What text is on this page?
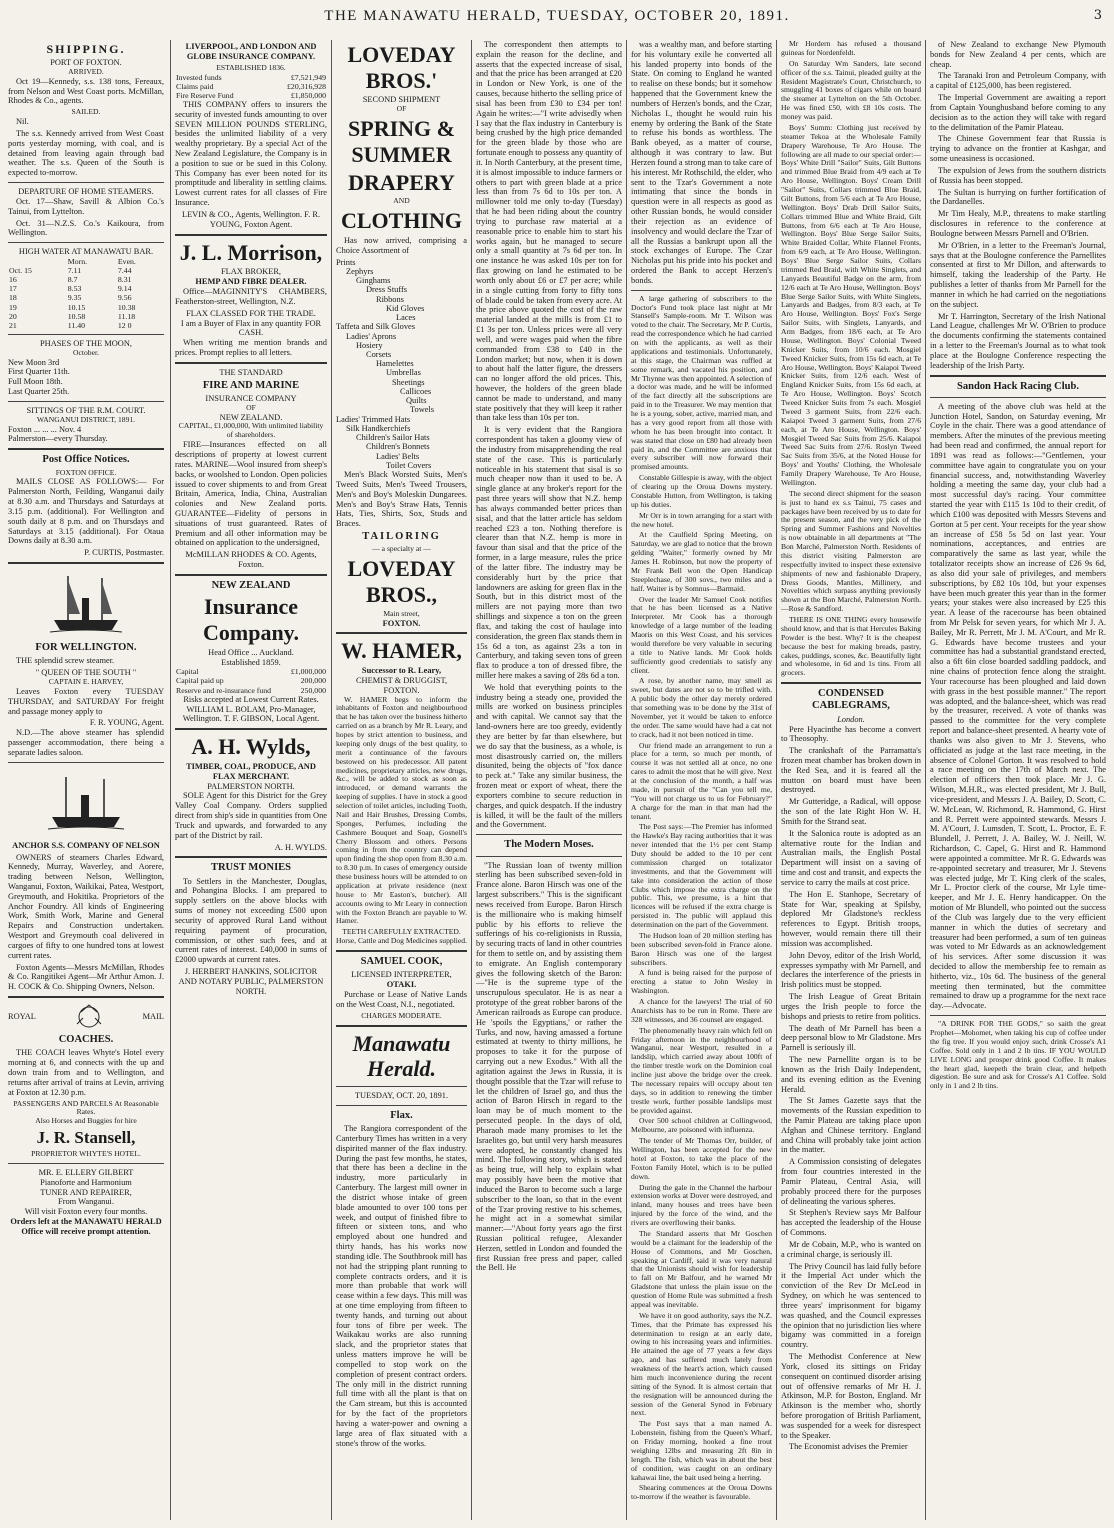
THE MANAWATU HERALD, TUESDAY, OCTOBER 20, 1891.	3
SHIPPING.
PORT OF FOXTON.
ARRIVED.

Oct 19—Kennedy, s.s. 138 tons, Fereaux, from Nelson and West Coast ports. McMillan, Rhodes & Co., agents.

SAILED.

Nil.

The s.s. Kennedy arrived from West Coast ports yesterday morning, with coal, and is detained from leaving again through bad weather. The s.s. Queen of the South is expected to-morrow.

DEPARTURE OF HOME STEAMERS.

Oct. 17—Shaw, Savill & Albion Co.'s Tainui, from Lyttelton.

Oct. 31—N.Z.S. Co.'s Kaikoura, from Wellington.

HIGH WATER AT MANAWATU BAR.
	Morn.	Even.
Oct. 15	7.11	7.44
16	8.7	8.31
17	8.53	9.14
18	9.35	9.56
19	10.15	10.38
20	10.58	11.18
21	11.40	12 0
PHASES OF THE MOON,
October.
New Moon 3rd
First Quarter 11th.
Full Moon 18th.
Last Quarter 25th.
SITTINGS OF THE R.M. COURT.
WANGANUI DISTRICT, 1891.
Foxton ... ... ... Nov. 4
Palmerston—every Thursday.
Post Office Notices.
FOXTON OFFICE.

MAILS CLOSE AS FOLLOWS:— For Palmerston North, Feilding, Wanganui daily at 8.30 a.m. and Thursdays and Saturdays at 3.15 p.m. (additional). For Wellington and south daily at 8 p.m. and on Thursdays and Saturdays at 3.15 (additional). For Otaua Downs daily at 8.30 a.m.

P. CURTIS, Postmaster.
FOR WELLINGTON.

THE splendid screw steamer.

" QUEEN OF THE SOUTH "
CAPTAIN E. HARVEY,

Leaves Foxton every TUESDAY THURSDAY, and SATURDAY For freight and passage money apply to

F. R. YOUNG, Agent.

N.D.—The above steamer has splendid passenger accommodation, there being a separate ladies saloon.

ANCHOR S.S. COMPANY OF NELSON

OWNERS of steamers Charles Edward, Kennedy, Murray, Waverley, and Aorere, trading between Nelson, Wellington, Wanganui, Foxton, Waikikai, Patea, Westport, Greymouth, and Hokitika. Proprietors of the Anchor Foundry. All kinds of Engineering Work, Smith Work, Marine and General Repairs and Construction undertaken. Westport and Greymouth coal delivered in cargoes of fifty to one hundred tons at lowest current rates.

Foxton Agents—Messrs McMillan, Rhodes & Co. Rangitikei Agent—Mr Arthur Amon. J. H. COCK & Co. Shipping Owners, Nelson.

ROYAL	MAIL
COACHES.

THE COACH leaves Whyte's Hotel every morning at 6, and connects with the up and down train from and to Wellington, and returns after arrival of trains at Levin, arriving at Foxton at 12.30 p.m.

PASSENGERS AND PARCELS At Reasonable Rates.
Also Horses and Buggies for hire
J. R. Stansell,
PROPRIETOR WHYTE'S HOTEL.
MR. E. ELLERY GILBERT
Pianoforte and Harmonium
TUNER AND REPAIRER,
From Wanganui.
Will visit Foxton every four months.
Orders left at the MANAWATU HERALD Office will receive prompt attention.
LIVERPOOL, AND LONDON AND GLOBE INSURANCE COMPANY.
ESTABLISHED 1836.
Invested funds	£7,521,949
Claims paid	£20,316,928
Fire Reserve Fund	£1,850,000

THIS COMPANY offers to insurers the security of invested funds amounting to over SEVEN MILLION POUNDS STERLING, besides the unlimited liability of a very wealthy proprietary. By a special Act of the New Zealand Legislature, the Company is in a position to sue or be sued in this Colony. This Company has ever been noted for its promptitude and liberality in settling claims. Lowest current rates for all classes of Fire Insurance.

LEVIN & CO., Agents, Wellington. F. R. YOUNG, Foxton Agent.
J. L. Morrison,
FLAX BROKER,
HEMP AND FIBRE DEALER.

Office—MAGINNITY'S CHAMBERS, Featherston-street, Wellington, N.Z.

FLAX CLASSED FOR THE TRADE.
I am a Buyer of Flax in any quantity FOR CASH.

When writing me mention brands and prices. Prompt replies to all letters.

THE STANDARD
FIRE AND MARINE
INSURANCE COMPANY
OF
NEW ZEALAND.
CAPITAL, £1,000,000, With unlimited liability of shareholders.

FIRE—Insurances effected on all descriptions of property at lowest current rates. MARINE—Wool insured from sheep's backs, or woolshed to London. Open policies issued to cover shipments to and from Great Britain, America, India, China, Australian colonies and New Zealand ports. GUARANTEE—Fidelity of persons in situations of trust guaranteed. Rates of Premium and all other information may be obtained on application to the undersigned,

McMILLAN RHODES & CO. Agents, Foxton.
NEW ZEALAND
Insurance Company.
Head Office ... Auckland.
Established 1859.
Capital	£1,000,000
Capital paid up	200,000
Reserve and re-insurance fund	250,000
Risks accepted at Lowest Current Rates.
WILLIAM L. BOLAM, Pro-Manager, Wellington. T. F. GIBSON, Local Agent.
A. H. Wylds,
TIMBER, COAL, PRODUCE, AND FLAX MERCHANT.
PALMERSTON NORTH.

SOLE Agent for this District for the Grey Valley Coal Company. Orders supplied direct from ship's side in quantities from One Truck and upwards, and forwarded to any part of the District by rail.

A. H. WYLDS.
TRUST MONIES

To Settlers in the Manchester, Douglas, and Pohangina Blocks. I am prepared to supply settlers on the above blocks with sums of money not exceeding £500 upon security of approved Rural Land without requiring payment of procuration, commission, or other such fees, and at current rates of interest. £40,000 in sums of £2000 upwards at current rates.

J. HERBERT HANKINS, SOLICITOR AND NOTARY PUBLIC, PALMERSTON NORTH.
LOVEDAY BROS.'
SECOND SHIPMENT
OF
SPRING & SUMMER
DRAPERY
AND
CLOTHING

Has now arrived, comprising a Choice Assortment of

Prints
Zephyrs
Ginghams
Dress Stuffs
Ribbons
Kid Gloves
Laces
Taffeta and Silk Gloves
Ladies' Aprons
Hosiery
Corsets
Hamelettes
Umbrellas
Sheetings
Callicoes
Quilts
Towels
Ladies' Trimmed Hats
Silk Handkerchiefs
Children's Sailor Hats
Children's Bonnets
Ladies' Belts
Toilet Covers

Men's Black Worsted Suits, Men's Tweed Suits, Men's Tweed Trousers, Men's and Boy's Moleskin Dungarees. Men's and Boy's Straw Hats, Tennis Hats, Ties, Shirts, Sox, Studs and Braces.

TAILORING
— a specialty at —
LOVEDAY BROS.,
Main street,
FOXTON.
W. HAMER,
Successor to R. Leary,
CHEMIST & DRUGGIST,
FOXTON.

W. HAMER begs to inform the inhabitants of Foxton and neighbourhood that he has taken over the business hitherto carried on as a branch by Mr R. Leary, and hopes by strict attention to business, and keeping only drugs of the best quality, to merit a continuance of the favours bestowed on his predecessor. All patent medicines, proprietary articles, new drugs, &c., will be added to stock as soon as introduced, or demand warrants the keeping of supplies. I have in stock a good selection of toilet articles, including Tooth, Nail and Hair Brushes, Dressing Combs, Sponges, Perfumes, including the Cashmere Bouquet and Soap, Gosnell's Cherry Blossom and others. Persons coming in from the country can depend upon finding the shop open from 8.30 a.m. to 8.30 p.m. In cases of emergency outside these business hours will be attended to on application at private residence (next house to Mr Easton's, butcher). All accounts owing to Mr Leary in connection with the Foxton Branch are payable to W. Hamer.

TEETH CAREFULLY EXTRACTED.
Horse, Cattle and Dog Medicines supplied.
SAMUEL COOK,
LICENSED INTERPRETER,
OTAKI.

Purchase or Lease of Native Lands on the West Coast, N.I., negotiated.

CHARGES MODERATE.
Manawatu Herald.
TUESDAY, OCT. 20, 1891.
Flax.

The Rangiora correspondent of the Canterbury Times has written in a very dispirited manner of the flax industry. During the past few months, he states, that there has been a decline in the industry, more particularly in Canterbury. The largest mill owner in the district whose intake of green blade amounted to over 100 tons per week, and output of finished fibre to fifteen or sixteen tons, and who employed about one hundred and thirty hands, has his works now standing idle. The Southbrook mill has not had the stripping plant running to complete contracts orders, and it is more than probable that work will cease within a few days. This mill was at one time employing from fifteen to twenty hands, and turning out about four tons of fibre per week. The Waikakau works are also running slack, and the proprietor states that unless matters improve he will be compelled to stop work on the completion of present contract orders. The only mill in the district running full time with all the plant is that on the Cam stream, but this is accounted for by the fact of the proprietors having a water-power and owning a large area of flax situated with a stone's throw of the works.

The correspondent then attempts to explain the reason for the decline, and asserts that the expected increase of sisal, and that the price has been arranged at £20 in London or New York, is one of the causes, because hitherto the selling price of sisal has been from £30 to £34 per ton! Again he writes:—"I write advisedly when I say that the flax industry in Canterbury is being crushed by the high price demanded for the green blade by those who are fortunate enough to possess any quantity of it. In North Canterbury, at the present time, it is almost impossible to induce farmers or others to part with green blade at a price less than from 7s 6d to 10s per ton. A millowner told me only to-day (Tuesday) that he had been riding about the country trying to purchase raw material at a reasonable price to enable him to start his works again, but he managed to secure only a small quantity at 7s 6d per ton. In one instance he was asked 10s per ton for flax growing on land he estimated to be worth only about £6 or £7 per acre; while in a single cutting from forty to fifty tons of blade could be taken from every acre. At the price above quoted the cost of the raw material landed at the mills is from £1 to £1 3s per ton. Unless prices were all very well, and were wages paid when the fibre commanded from £38 to £40 in the London market; but now, when it is down to about half the latter figure, the dressers can no longer afford the old prices. This, however, the holders of the green blade cannot be made to understand, and many state positively that they will keep it rather than take less than 10s per ton.

It is very evident that the Rangiora correspondent has taken a gloomy view of the industry from misapprehending the real state of the case. This is particularly noticeable in his statement that sisal is so much cheaper now than it used to be. A single glance at any broker's report for the past three years will show that N.Z. hemp has always commanded better prices than sisal, and that the latter article has seldom reached £23 a ton. Nothing therefore is clearer than that N.Z. hemp is more in favour than sisal and that the price of the former, in a large measure, rules the price of the latter fibre. The industry may be considerably hurt by the price that landowners are asking for green flax in the South, but in this district most of the millers are not paying more than two shillings and sixpence a ton on the green flax, and taking the cost of haulage into consideration, the green flax stands them in 15s 6d a ton, as against 23s a ton in Canterbury, and taking seven tons of green flax to produce a ton of dressed fibre, the miller here makes a saving of 28s 6d a ton.

We hold that everything points to the industry being a steady one, provided the mills are worked on business principles and with capital. We cannot say that the land-owners here are too greedy, evidently they are better by far than elsewhere, but we do say that the business, as a whole, is most disastrously carried on, the millers disunited, being the objects of "fox dance to peck at." Take any similar business, the frozen meat or export of wheat, there the exporters combine to secure reduction in charges, and quick despatch. If the industry is killed, it will be the fault of the millers and the Government.

The Modern Moses.

"The Russian loan of twenty million sterling has been subscribed seven-fold in France alone. Baron Hirsch was one of the largest subscribers." This is the significant news received from Europe. Baron Hirsch is the millionaire who is making himself public by his efforts to relieve the sufferings of his co-religionists in Russia, by securing tracts of land in other countries for them to settle on, and by assisting them to emigrate. An English contemporary gives the following sketch of the Baron:—"He is the supreme type of the unscrupulous speculator. He is as near a prototype of the great robber barons of the American railroads as Europe can produce. He 'spoils the Egyptians,' or rather the Turks, and now, having amassed a fortune estimated at twenty to thirty millions, he proposes to take it for the purpose of carrying out a new Exodus." With all the agitation against the Jews in Russia, it is thought possible that the Tzar will refuse to let the children of Israel go, and thus the action of Baron Hirsch in regard to the loan may be of much moment to the persecuted people. In the days of old, Pharaoh made many promises to let the Israelites go, but until very harsh measures were adopted, he constantly changed his mind. The following story, which is stated as being true, will help to explain what may possibly have been the motive that induced the Baron to become such a large subscriber to the loan, so that in the event of the Tzar proving restive to his schemes, he might act in a somewhat similar manner:—"About forty years ago the first Russian political refugee, Alexander Herzen, settled in London and founded the first Russian free press and paper, called the Bell. He

was a wealthy man, and before starting for his voluntary exile he converted all his landed property into bonds of the State. On coming to England he wanted to realise on these bonds; but it somehow happened that the Government knew the numbers of Herzen's bonds, and the Czar, Nicholas I., thought he would ruin his enemy by ordering the Bank of the State to refuse his bonds as worthless. The Bank obeyed, as a matter of course, although it was contrary to law. But Herzen found a strong man to take care of his interest. Mr Rothschild, the elder, who sent to the Tzar's Government a note intimating that since the bonds in question were in all respects as good as other Russian bonds, he would consider their rejection as an evidence of insolvency and would declare the Tzar of all the Russias a bankrupt upon all the stock exchanges of Europe. The Czar Nicholas put his pride into his pocket and ordered the Bank to accept Herzen's bonds.

A large gathering of subscribers to the Doctor's Fund took place last night at Mr Stansell's Sample-room. Mr T. Wilson was voted to the chair. The Secretary, Mr P. Curtis, read the correspondence which he had carried on with the applicants, as well as their applications and testimonials. Unfortunately, at this stage, the Chairman was ruffled at some remark, and vacated his position, and Mr Thynne was then appointed. A selection of a doctor was made, and he will be informed of the fact directly all the subscriptions are paid in to the Treasurer. We may mention that he is a young, sober, active, married man, and has a very good report from all those with whom he has been brought into contact. It was stated that close on £80 had already been paid in, and the Committee are anxious that every subscriber will now forward their promised amounts.

Constable Gillespie is away, with the object of clearing up the Oroua Downs mystery. Constable Hutton, from Wellington, is taking up his duties.

Mr Orr is in town arranging for a start with the new hotel.

At the Caulfield Spring Meeting, on Saturday, we are glad to notice that the brown gelding "Waiter," formerly owned by Mr James H. Robinson, but now the property of Mr Frank Bell won the Open Handicap Steeplechase, of 300 sovs., two miles and a half. Waiter is by Somnus—Barmaid.

Over the leader Mr Samuel Cook notifies that he has been licensed as a Native Interpreter. Mr Cook has a thorough knowledge of a large number of the leading Maoris on this West Coast, and his services would therefore be very valuable in securing a title to Native lands. Mr Cook holds sufficiently good credentials to satisfy any client.

A rose, by another name, may smell as sweet, but dates are not so to be trifled with. A public body the other day merely ordered that something was to be done by the 31st of November, yet it would be taken to enforce the order. The same would have had a cat not to crack, had it not been noticed in time.

Our friend made an arrangement to run a place for a term, so much per month, of course it was not settled all at once, no one cares to admit the most that he will give. Next at the conclusion of the month, a half was made, in pursuit of the "Can you tell me, "You will not charge us to us for February?" A charge for the man in that man had the tenant.

The Post says:—The Premier has informed the Hawke's Bay racing authorities that it was never intended that the 1½ per cent Stamp Duty should be added to the 10 per cent commission charged on totalizator investments, and that the Government will take into consideration the action of those Clubs which impose the extra charge on the public. This, we presume, is a hint that licences will be refused if the extra charge is persisted in. The public will applaud this determination on the part of the Government.

The Hudson loan of 20 million sterling has been subscribed seven-fold in France alone. Baron Hirsch was one of the largest subscribers.

A fund is being raised for the purpose of erecting a statue to John Wesley in Washington.

A chance for the lawyers! The trial of 60 Anarchists has to be run in Rome. There are 328 witnesses, and 36 counsel are engaged.

The phenomenally heavy rain which fell on Friday afternoon in the neighbourhood of Wanganui, near Westport, resulted in a landslip, which carried away about 100ft of the timber trestle work on the Dominion coal incline just above the bridge over the creek. The necessary repairs will occupy about ten days, so in addition to renewing the timber trestle work, further possible landslips must be provided against.

Over 500 school children at Collingwood, Melbourne, are poisoned with influenza.

The tender of Mr Thomas Orr, builder, of Wellington, has been accepted for the new hotel at Foxton, to take the place of the Foxton Family Hotel, which is to be pulled down.

During the gale in the Channel the harbour extension works at Dover were destroyed, and inland, many houses and trees have been injured by the force of the wind, and the rivers are overflowing their banks.

The Standard asserts that Mr Goschen would be a claimant for the leadership of the House of Commons, and Mr Goschen, speaking at Cardiff, said it was very natural that the Unionists should wish for leadership to fall on Mr Balfour, and he warned Mr Gladstone that unless the plain issue on the question of Home Rule was submitted a fresh appeal was inevitable.

We have it on good authority, says the N.Z. Times, that the Primate has expressed his determination to resign at an early date, owing to his increasing years and infirmities. He attained the age of 77 years a few days ago, and has suffered much lately from weakness of the heart's action, which caused him much inconvenience during the recent sitting of the Synod. It is almost certain that the resignation will be announced during the session of the General Synod in February next.

The Post says that a man named A. Lobenstein, fishing from the Queen's Wharf, on Friday morning, hooked a fine trout weighing 12lbs and measuring 2ft 8in in length. The fish, which was in about the best of condition, was caught on an ordinary kahawai line, the bait used being a herring.

Shearing commences at the Oroua Downs to-morrow if the weather is favourable.

Mr Hordern has refused a thousand guineas for Nordenfeldt.

On Saturday Wm Sanders, late second officer of the s.s. Tainui, pleaded guilty at the Resident Magistrate's Court, Christchurch, to smuggling 41 boxes of cigars while on board the steamer at Lyttelton on the 5th October. He was fined £50, with £8 10s costs. The money was paid.

Boys' Summ: Clothing just received by steamer Tekoa at the Wholesale Family Drapery Warehouse, Te Aro House. The following are all made to our special order:—Boys' White Drill "Sailor" Suits, Gilt Buttons and trimmed Blue Braid from 4/9 each at Te Aro House, Wellington. Boys' Cream Drill "Sailor" Suits, Collars trimmed Blue Braid, Gilt Buttons, from 5/6 each at Te Aro House, Wellington. Boys' Drab Drill Sailor Suits, Collars trimmed Blue and White Braid, Gilt Buttons, from 6/6 each at Te Aro House, Wellington. Boys' Blue Serge Sailor Suits, White Braided Collar, White Flannel Fronts, from 6/9 each, at Te Aro House, Wellington. Boys' Blue Serge Sailor Suits, Collars trimmed Red Braid, with White Singlets, and Lanyards Beautiful Badge on the arm, from 12/6 each at Te Aro House, Wellington. Boys' Blue Serge Sailor Suits, with White Singlets, Lanyards and Badges, from 8/3 each, at Te Aro House, Wellington. Boys' Fox's Serge Sailor Suits, with Singlets, Lanyards, and Arm Badges, from 18/6 each, at Te Aro House, Wellington. Boys' Colonial Tweed Knicker Suits, from 10/6 each. Mosgiel Tweed Knicker Suits, from 15s 6d each, at Te Aro House, Wellington. Boys' Kaiapoi Tweed Knicker Suits, from 12/6 each. West of England Knicker Suits, from 15s 6d each, at Te Aro House, Wellington. Boys' Scotch Tweed Knicker Suits from 7s each. Mosgiel Tweed 3 garment Suits, from 22/6 each. Kaiapoi Tweed 3 garment Suits, from 27/6 each, at Te Aro House, Wellington. Boys' Mosgiel Tweed Sac Suits from 25/6. Kaiapoi Tweed Sac Suits from 27/6. Roslyn Tweed Sac Suits from 35/6, at the Noted House for Boys' and Youths' Clothing, the Wholesale Family Drapery Warehouse, Te Aro House, Wellington.

The second direct shipment for the season is just to hand ex s.s Tainui, 75 cases and packages have been received by us to date for the present season, and the very pick of the Spring and Summer Fashions and Novelties is now obtainable in all departments at "The Bon Marché, Palmerston North. Residents of this district visiting Palmerston are respectfully invited to inspect these extensive shipments of new and fashionable Drapery, Dress Goods, Mantles, Millinery, and Novelties which surpass anything previously shown at the Bon Marché, Palmerston North.—Rose & Sandford.

THERE IS ONE THING every housewife should know, and that is that Hercules Baking Powder is the best. Why? It is the cheapest because the best for making breads, pastry, cakes, puddings, scones, &c. Beautifully light and wholesome, in 6d and 1s tins. From all grocers.

CONDENSED CABLEGRAMS,
London.

Pere Hyacinthe has become a convert to Theosophy.

The crankshaft of the Parramatta's frozen meat chamber has broken down in the Red Sea, and it is feared all the mutton on board must have been destroyed.

Mr Gutteridge, a Radical, will oppose the son of the late Right Hon W. H. Smith for the Strand seat.

It the Salonica route is adopted as an alternative route for the Indian and Australian mails, the English Postal Department will insist on a saving of time and cost and transit, and expects the service to carry the mails at cost price.

The Hon E. Stanhope, Secretary of State for War, speaking at Spilsby, deplored Mr Gladstone's reckless references to Egypt. British troops, however, would remain there till their mission was accomplished.

John Devoy, editor of the Irish World, expresses sympathy with Mr Parnell, and declares the interference of the priests in Irish politics must be stopped.

The Irish League of Great Britain urges the Irish people to force the bishops and priests to retire from politics.

The death of Mr Parnell has been a deep personal blow to Mr Gladstone. Mrs Parnell is seriously ill.

The new Parnellite organ is to be known as the Irish Daily Independent, and its evening edition as the Evening Herald.

The St James Gazette says that the movements of the Russian expedition to the Pamir Plateau are taking place upon Afghan and Chinese territory. England and China will probably take joint action in the matter.

A Commission consisting of delegates from four countries interested in the Pamir Plateau, Central Asia, will probably proceed there for the purposes of delineating the various spheres.

St Stephen's Review says Mr Balfour has accepted the leadership of the House of Commons.

Mr de Cobain, M.P., who is wanted on a criminal charge, is seriously ill.

The Privy Council has laid fully before it the Imperial Act under which the conviction of the Rev Dr McLeod in Sydney, on which he was sentenced to three years' imprisonment for bigamy was quashed, and the Council expresses the opinion that no jurisdiction lies where bigamy was committed in a foreign country.

The Methodist Conference at New York, closed its sittings on Friday consequent on continued disorder arising out of offensive remarks of Mr H. J. Atkinson, M.P. for Boston, England. Mr Atkinson is the member who, shortly before prorogation of British Parliament, was suspended for a week for disrespect to the Speaker.

The Economist advises the Premier

of New Zealand to exchange New Plymouth bonds for New Zealand 4 per cents, which are cheap.

The Taranaki Iron and Petroleum Company, with a capital of £125,000, has been registered.

The Imperial Government are awaiting a report from Captain Younghusband before coming to any decision as to the action they will take with regard to the delimitation of the Pamir Plateau.

The Chinese Government fear that Russia is trying to advance on the frontier at Kashgar, and some uneasiness is occasioned.

The expulsion of Jews from the southern districts of Russia has been stopped.

The Sultan is hurrying on further fortification of the Dardanelles.

Mr Tim Healy, M.P., threatens to make startling disclosures in reference to the conference at Boulogne between Messrs Parnell and O'Brien.

Mr O'Brien, in a letter to the Freeman's Journal, says that at the Boulogne conference the Parnellites consented at first to Mr Dillon, and afterwards to himself, taking the leadership of the Party. He publishes a letter of thanks from Mr Parnell for the manner in which he had carried on the negotiations on the subject.

Mr T. Harrington, Secretary of the Irish National Land League, challenges Mr W. O'Brien to produce the documents confirming the statements contained in a letter to the Freeman's Journal as to what took place at the Boulogne Conference respecting the leadership of the Irish Party.

Sandon Hack Racing Club.

A meeting of the above club was held at the Junction Hotel, Sandon, on Saturday evening, Mr Coyle in the chair. There was a good attendance of members. After the minutes of the previous meeting had been read and confirmed, the annual report for 1891 was read as follows:—"Gentlemen, your committee have again to congratulate you on your financial success, and, notwithstanding Waverley holding a meeting the same day, your club had a most successful day's racing. Your committee started the year with £115 1s 10d to their credit, of which £100 was deposited with Messrs Stevens and Gorton at 5 per cent. Your receipts for the year show an increase of £58 5s 5d on last year. Your nominations, acceptances, and entries are comparatively the same as last year, while the totalizator receipts show an increase of £26 9s 6d, as also did your sale of privileges, and members subscriptions, by £82 10s 10d, but your expenses have been much greater this year than in the former years; your stakes were also increased by £25 this year. A lease of the racecourse has been obtained from Mr Pelsk for seven years, for which Mr J. A. Bailey, Mr R. Perrett, Mr J. M. A'Court, and Mr R. G. Edwards have become trustees and your committee has had a substantial grandstand erected, also a 6ft 6in close boarded saddling paddock, and nine chains of protection fence along the straight. Your racecourse has been ploughed and laid down with grass in the best possible manner." The report was adopted, and the balance-sheet, which was read by the treasurer, received. A vote of thanks was passed to the committee for the very complete report and balance-sheet presented. A hearty vote of thanks was also given to Mr J. Stevens, who officiated as judge at the last race meeting, in the absence of Colonel Gorton. It was resolved to hold a race meeting on the 17th of March next. The election of officers then took place. Mr J. G. Wilson, M.H.R., was elected president, Mr J. Bull, vice-president, and Messrs J. A. Bailey, D. Scott, C. W. McLean, W. Richmond, R. Hammond, G. Hirst and R. Perrett were appointed stewards. Messrs J. M. A'Court, J. Lumsden, T. Scott, L. Proctor, E. F. Blundell, J. Perrett, J. A. Bailey, W. J. Neill, W. Richardson, C. Capel, G. Hirst and R. Hammond were appointed a committee. Mr R. G. Edwards was re-appointed secretary and treasurer, Mr J. Stevens was elected judge, Mr T. King clerk of the scales, Mr L. Proctor clerk of the course, Mr Lyle time-keeper, and Mr J. E. Henry handicapper. On the motion of Mr Blundell, who pointed out the success of the Club was largely due to the very efficient manner in which the duties of secretary and treasurer had been performed, a sum of ten guineas was voted to Mr Edwards as an acknowledgement of his services. After some discussion it was decided to allow the membership fee to remain as hitherto, viz., 10s 6d. The business of the general meeting then terminated, but the committee remained to draw up a programme for the next race day.—Advocate.

"A DRINK FOR THE GODS," so saith the great Prophet—Mohomet, when taking his cup of coffee under the fig tree. If you would enjoy such, drink Crosse's A1 Coffee. Sold only in 1 and 2 lb tins. IF YOU WOULD LIVE LONG and prosper drink good Coffee. It makes the heart glad, keepeth the brain clear, and helpeth digestion. Be sure and ask for Crosse's A1 Coffee. Sold only in 1 and 2 lb tins.
